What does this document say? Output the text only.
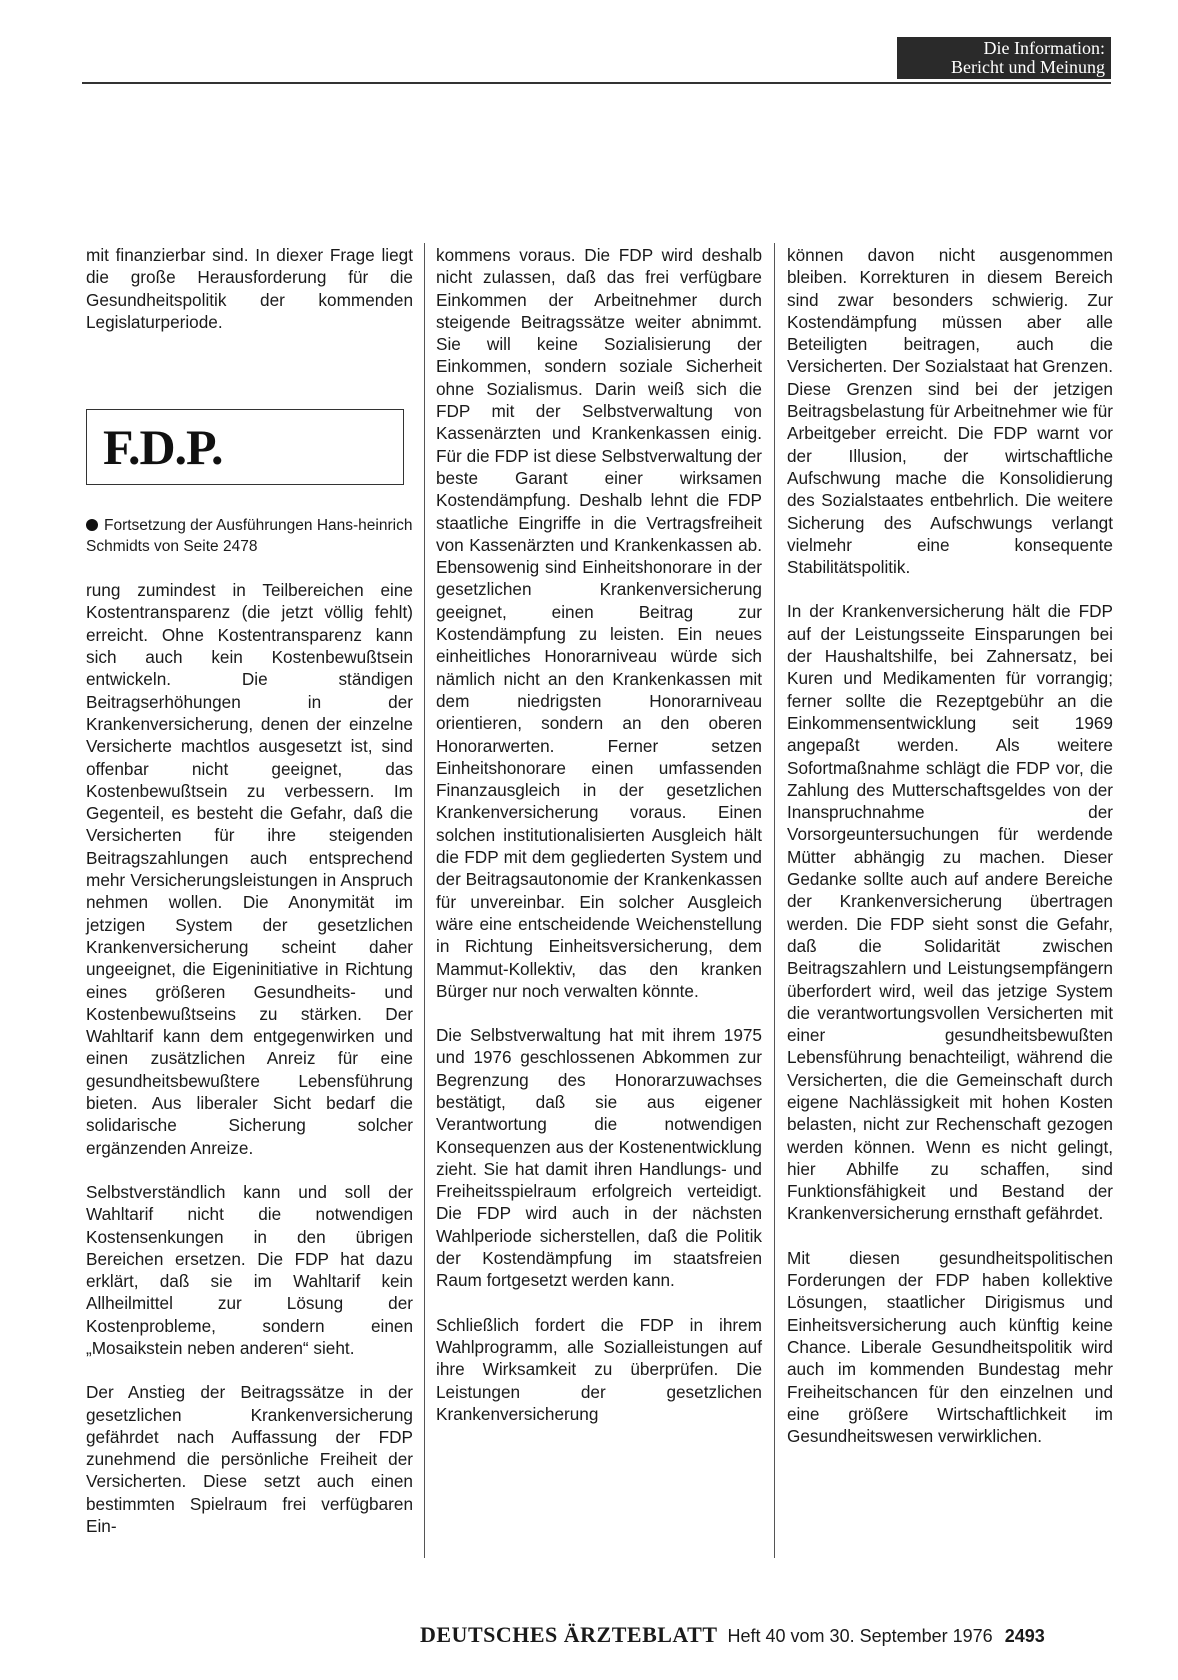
Die Information:
Bericht und Meinung

mit finanzierbar sind. In diexer Frage liegt die große Herausforderung für die Gesundheitspolitik der kommenden Legislaturperiode.

F.D.P.

Fortsetzung der Ausführungen Hans-heinrich Schmidts von Seite 2478

rung zumindest in Teilbereichen eine Kostentransparenz (die jetzt völlig fehlt) erreicht. Ohne Kostentransparenz kann sich auch kein Kostenbewußtsein entwickeln. Die ständigen Beitragserhöhungen in der Krankenversicherung, denen der einzelne Versicherte machtlos ausgesetzt ist, sind offenbar nicht geeignet, das Kostenbewußtsein zu verbessern. Im Gegenteil, es besteht die Gefahr, daß die Versicherten für ihre steigenden Beitragszahlungen auch entsprechend mehr Versicherungsleistungen in Anspruch nehmen wollen. Die Anonymität im jetzigen System der gesetzlichen Krankenversicherung scheint daher ungeeignet, die Eigeninitiative in Richtung eines größeren Gesundheits- und Kostenbewußtseins zu stärken. Der Wahltarif kann dem entgegenwirken und einen zusätzlichen Anreiz für eine gesundheitsbewußtere Lebensführung bieten. Aus liberaler Sicht bedarf die solidarische Sicherung solcher ergänzenden Anreize.

Selbstverständlich kann und soll der Wahltarif nicht die notwendigen Kostensenkungen in den übrigen Bereichen ersetzen. Die FDP hat dazu erklärt, daß sie im Wahltarif kein Allheilmittel zur Lösung der Kostenprobleme, sondern einen „Mosaikstein neben anderen“ sieht.

Der Anstieg der Beitragssätze in der gesetzlichen Krankenversicherung gefährdet nach Auffassung der FDP zunehmend die persönliche Freiheit der Versicherten. Diese setzt auch einen bestimmten Spielraum frei verfügbaren Ein-

kommens voraus. Die FDP wird deshalb nicht zulassen, daß das frei verfügbare Einkommen der Arbeitnehmer durch steigende Beitragssätze weiter abnimmt. Sie will keine Sozialisierung der Einkommen, sondern soziale Sicherheit ohne Sozialismus. Darin weiß sich die FDP mit der Selbstverwaltung von Kassenärzten und Krankenkassen einig. Für die FDP ist diese Selbstverwaltung der beste Garant einer wirksamen Kostendämpfung. Deshalb lehnt die FDP staatliche Eingriffe in die Vertragsfreiheit von Kassenärzten und Krankenkassen ab. Ebensowenig sind Einheitshonorare in der gesetzlichen Krankenversicherung geeignet, einen Beitrag zur Kostendämpfung zu leisten. Ein neues einheitliches Honorarniveau würde sich nämlich nicht an den Krankenkassen mit dem niedrigsten Honorarniveau orientieren, sondern an den oberen Honorarwerten. Ferner setzen Einheitshonorare einen umfassenden Finanzausgleich in der gesetzlichen Krankenversicherung voraus. Einen solchen institutionalisierten Ausgleich hält die FDP mit dem gegliederten System und der Beitragsautonomie der Krankenkassen für unvereinbar. Ein solcher Ausgleich wäre eine entscheidende Weichenstellung in Richtung Einheitsversicherung, dem Mammut-Kollektiv, das den kranken Bürger nur noch verwalten könnte.

Die Selbstverwaltung hat mit ihrem 1975 und 1976 geschlossenen Abkommen zur Begrenzung des Honorarzuwachses bestätigt, daß sie aus eigener Verantwortung die notwendigen Konsequenzen aus der Kostenentwicklung zieht. Sie hat damit ihren Handlungs- und Freiheitsspielraum erfolgreich verteidigt. Die FDP wird auch in der nächsten Wahlperiode sicherstellen, daß die Politik der Kostendämpfung im staatsfreien Raum fortgesetzt werden kann.

Schließlich fordert die FDP in ihrem Wahlprogramm, alle Sozialleistungen auf ihre Wirksamkeit zu überprüfen. Die Leistungen der gesetzlichen Krankenversicherung

können davon nicht ausgenommen bleiben. Korrekturen in diesem Bereich sind zwar besonders schwierig. Zur Kostendämpfung müssen aber alle Beteiligten beitragen, auch die Versicherten. Der Sozialstaat hat Grenzen. Diese Grenzen sind bei der jetzigen Beitragsbelastung für Arbeitnehmer wie für Arbeitgeber erreicht. Die FDP warnt vor der Illusion, der wirtschaftliche Aufschwung mache die Konsolidierung des Sozialstaates entbehrlich. Die weitere Sicherung des Aufschwungs verlangt vielmehr eine konsequente Stabilitätspolitik.

In der Krankenversicherung hält die FDP auf der Leistungsseite Einsparungen bei der Haushaltshilfe, bei Zahnersatz, bei Kuren und Medikamenten für vorrangig; ferner sollte die Rezeptgebühr an die Einkommensentwicklung seit 1969 angepaßt werden. Als weitere Sofortmaßnahme schlägt die FDP vor, die Zahlung des Mutterschaftsgeldes von der Inanspruchnahme der Vorsorgeuntersuchungen für werdende Mütter abhängig zu machen. Dieser Gedanke sollte auch auf andere Bereiche der Krankenversicherung übertragen werden. Die FDP sieht sonst die Gefahr, daß die Solidarität zwischen Beitragszahlern und Leistungsempfängern überfordert wird, weil das jetzige System die verantwortungsvollen Versicherten mit einer gesundheitsbewußten Lebensführung benachteiligt, während die Versicherten, die die Gemeinschaft durch eigene Nachlässigkeit mit hohen Kosten belasten, nicht zur Rechenschaft gezogen werden können. Wenn es nicht gelingt, hier Abhilfe zu schaffen, sind Funktionsfähigkeit und Bestand der Krankenversicherung ernsthaft gefährdet.

Mit diesen gesundheitspolitischen Forderungen der FDP haben kollektive Lösungen, staatlicher Dirigismus und Einheitsversicherung auch künftig keine Chance. Liberale Gesundheitspolitik wird auch im kommenden Bundestag mehr Freiheitschancen für den einzelnen und eine größere Wirtschaftlichkeit im Gesundheitswesen verwirklichen.

DEUTSCHES ÄRZTEBLATT Heft 40 vom 30. September 1976 2493
